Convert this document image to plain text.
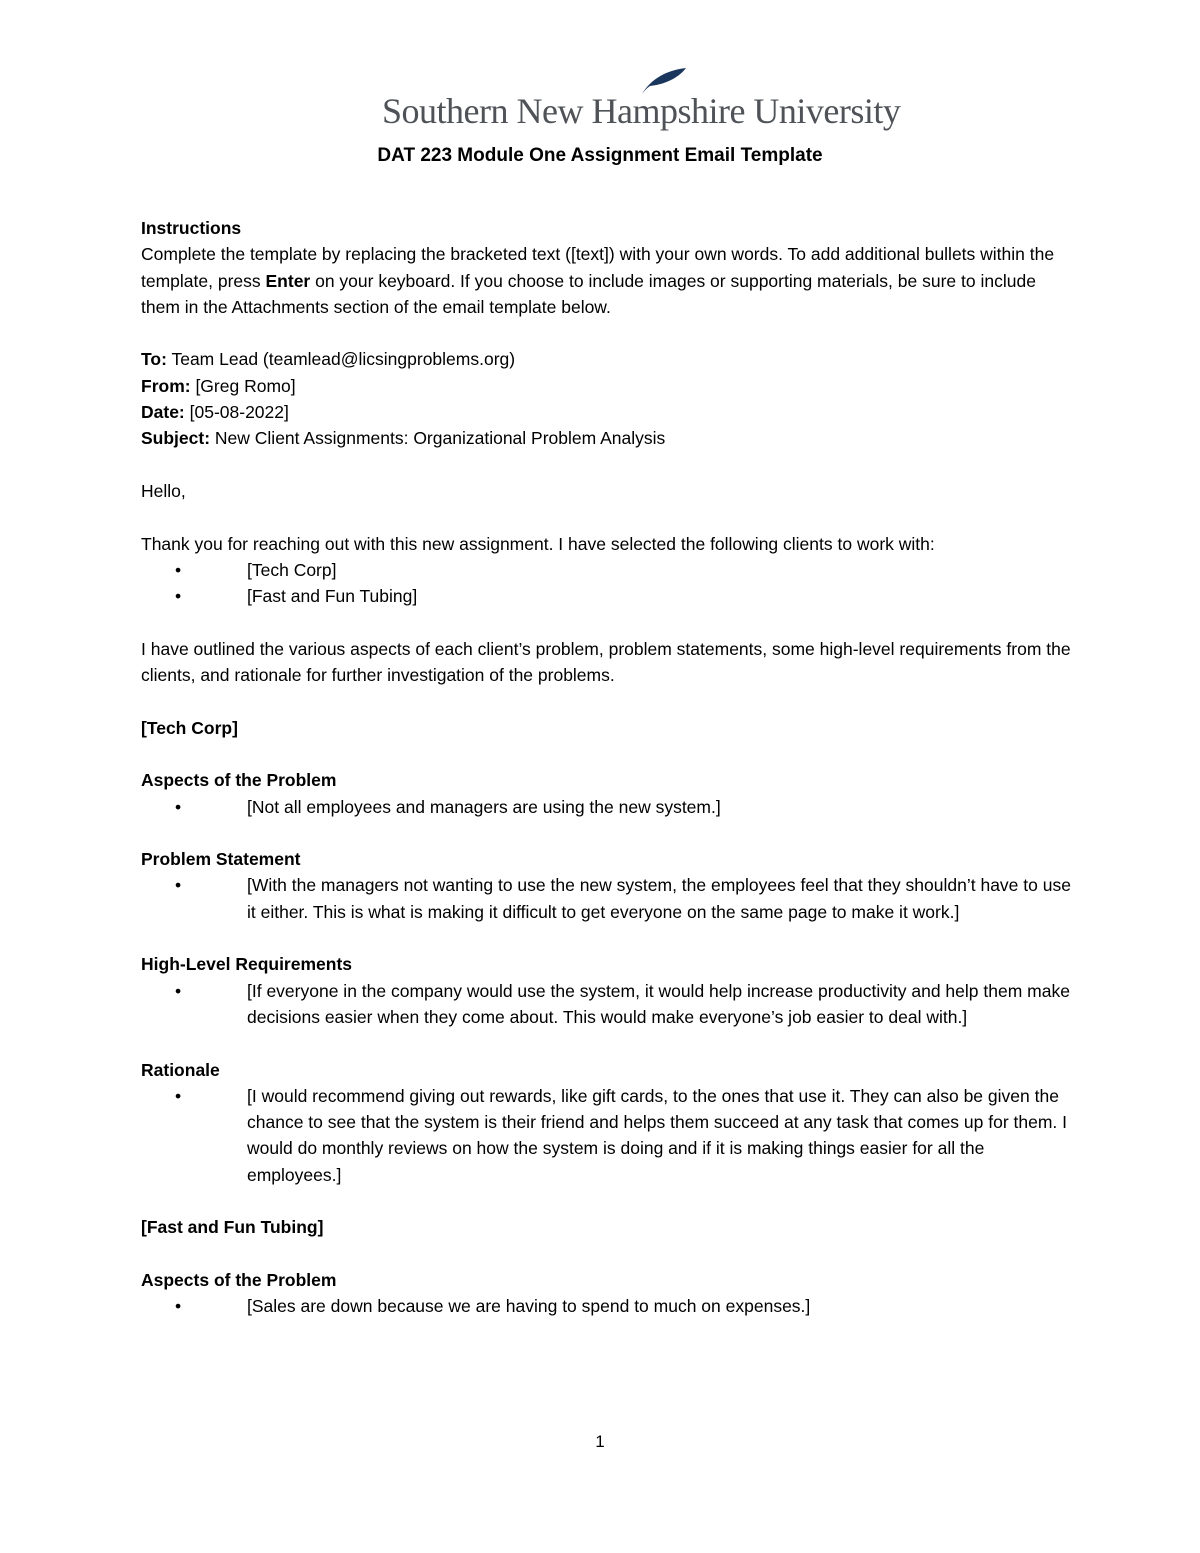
Southern New Hampshire University
DAT 223 Module One Assignment Email Template

Instructions

Complete the template by replacing the bracketed text ([text]) with your own words. To add additional bullets within the template, press Enter on your keyboard. If you choose to include images or supporting materials, be sure to include them in the Attachments section of the email template below.

To: Team Lead (teamlead@licsingproblems.org)

From: [Greg Romo]

Date: [05-08-2022]

Subject: New Client Assignments: Organizational Problem Analysis

Hello,

Thank you for reaching out with this new assignment. I have selected the following clients to work with:

•	[Tech Corp]
•	[Fast and Fun Tubing]

I have outlined the various aspects of each client’s problem, problem statements, some high-level requirements from the clients, and rationale for further investigation of the problems.

[Tech Corp]

Aspects of the Problem

•	[Not all employees and managers are using the new system.]

Problem Statement

•	[With the managers not wanting to use the new system, the employees feel that they shouldn’t have to use it either. This is what is making it difficult to get everyone on the same page to make it work.]

High-Level Requirements

•	[If everyone in the company would use the system, it would help increase productivity and help them make decisions easier when they come about. This would make everyone’s job easier to deal with.]

Rationale

•	[I would recommend giving out rewards, like gift cards, to the ones that use it. They can also be given the chance to see that the system is their friend and helps them succeed at any task that comes up for them. I would do monthly reviews on how the system is doing and if it is making things easier for all the employees.]

[Fast and Fun Tubing]

Aspects of the Problem

•	[Sales are down because we are having to spend to much on expenses.]
1
